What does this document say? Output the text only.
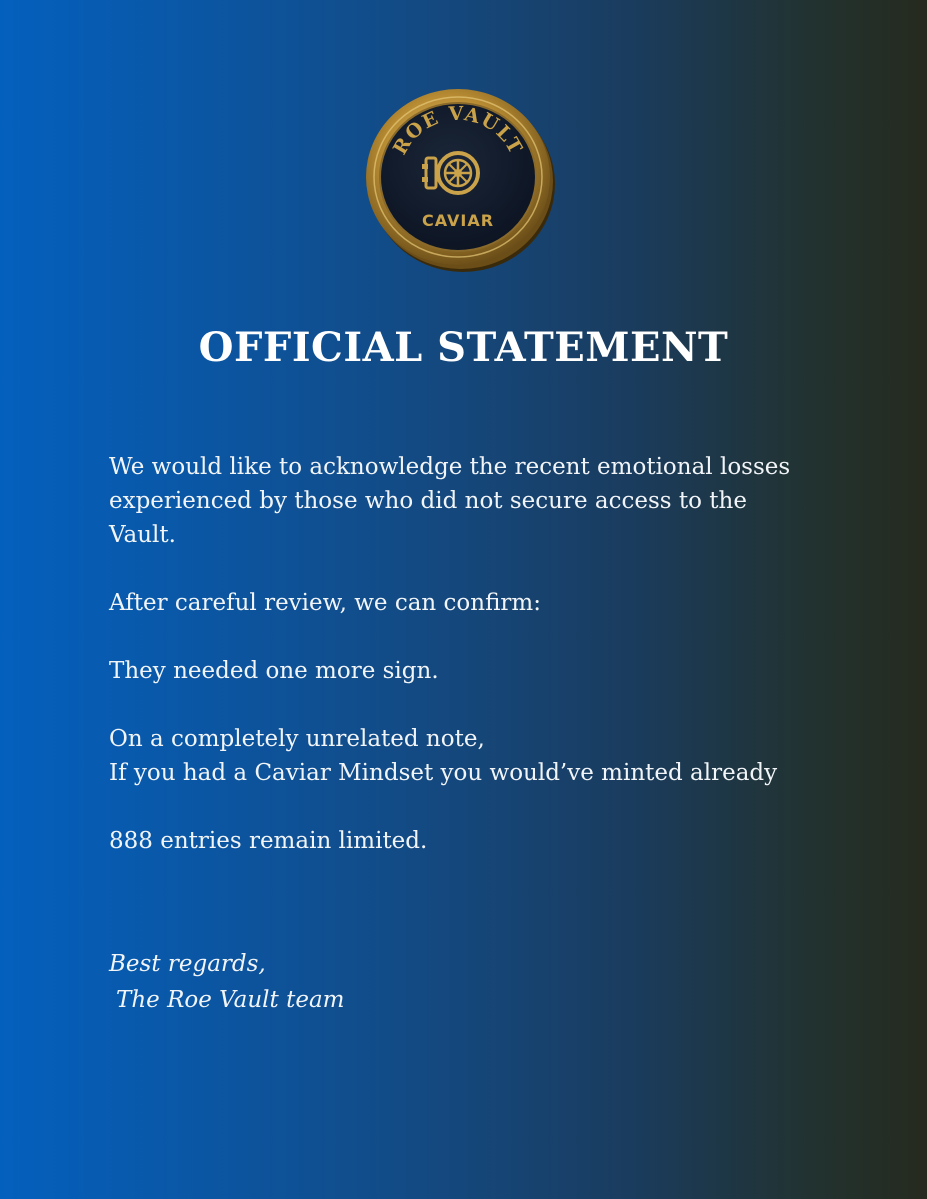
ROE VAULT
CAVIAR
OFFICIAL STATEMENT

We would like to acknowledge the recent emotional losses
experienced by those who did not secure access to the
Vault.

After careful review, we can confirm:

They needed one more sign.

On a completely unrelated note,
If you had a Caviar Mindset you would’ve minted already

888 entries remain limited.

Best regards,
The Roe Vault team
